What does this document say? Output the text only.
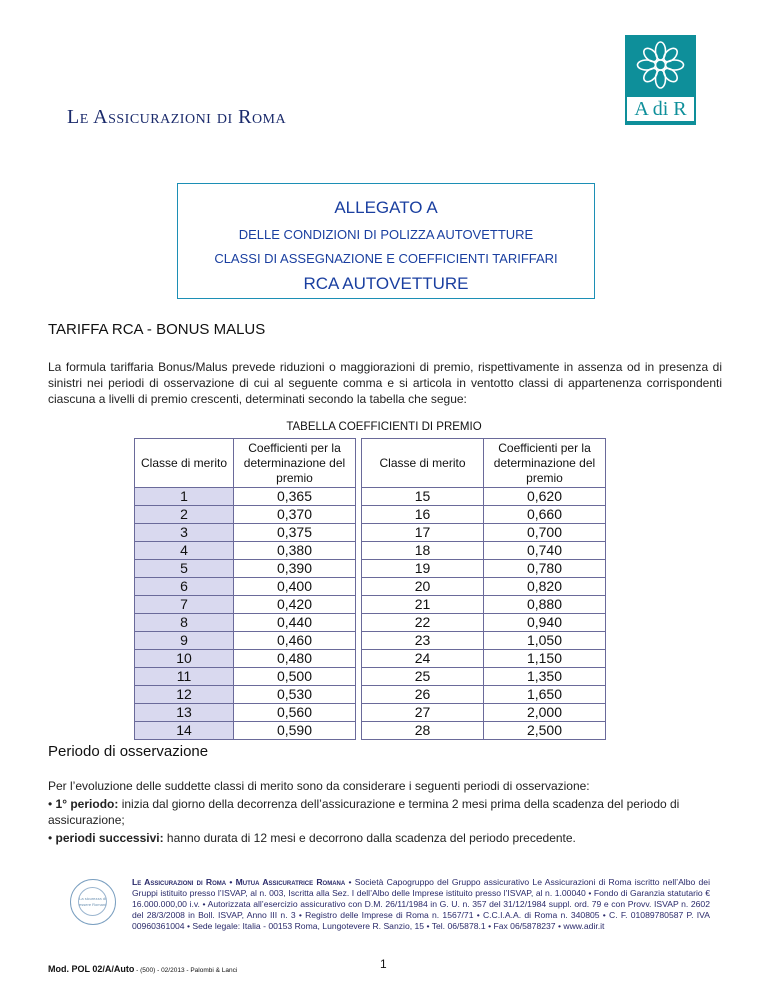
A di R
Le Assicurazioni di Roma
ALLEGATO A
DELLE CONDIZIONI DI POLIZZA AUTOVETTURE
CLASSI DI ASSEGNAZIONE E COEFFICIENTI TARIFFARI
RCA AUTOVETTURE
TARIFFA RCA - BONUS MALUS
La formula tariffaria Bonus/Malus prevede riduzioni o maggiorazioni di premio, rispettivamente in assenza od in presenza di sinistri nei periodi di osservazione di cui al seguente comma e si articola in ventotto classi di appartenenza corrispondenti ciascuna a livelli di premio crescenti, determinati secondo la tabella che segue:
TABELLA COEFFICIENTI DI PREMIO
Classe di merito	Coefficienti per la determinazione del premio		Classe di merito	Coefficienti per la determinazione del premio
1	0,365		15	0,620
2	0,370		16	0,660
3	0,375		17	0,700
4	0,380		18	0,740
5	0,390		19	0,780
6	0,400		20	0,820
7	0,420		21	0,880
8	0,440		22	0,940
9	0,460		23	1,050
10	0,480		24	1,150
11	0,500		25	1,350
12	0,530		26	1,650
13	0,560		27	2,000
14	0,590		28	2,500
Periodo di osservazione
Per l’evoluzione delle suddette classi di merito sono da considerare i seguenti periodi di osservazione:
• 1° periodo: inizia dal giorno della decorrenza dell’assicurazione e termina 2 mesi prima della scadenza del periodo di assicurazione;
• periodi successivi: hanno durata di 12 mesi e decorrono dalla scadenza del periodo precedente.
La sicurezza di essere Romani
Le Assicurazioni di Roma • Mutua Assicuratrice Romana • Società Capogruppo del Gruppo assicurativo Le Assicurazioni di Roma iscritto nell’Albo dei Gruppi istituito presso l’ISVAP, al n. 003, Iscritta alla Sez. I dell’Albo delle Imprese istituito presso l’ISVAP, al n. 1.00040 • Fondo di Garanzia statutario € 16.000.000,00 i.v. • Autorizzata all’esercizio assicurativo con D.M. 26/11/1984 in G. U. n. 357 del 31/12/1984 suppl. ord. 79 e con Provv. ISVAP n. 2602 del 28/3/2008 in Boll. ISVAP, Anno III n. 3 • Registro delle Imprese di Roma n. 1567/71 • C.C.I.A.A. di Roma n. 340805 • C. F. 01089780587 P. IVA 00960361004 • Sede legale: Italia - 00153 Roma, Lungotevere R. Sanzio, 15 • Tel. 06/5878.1 • Fax 06/5878237 • www.adir.it
Mod. POL 02/A/Auto - (500) - 02/2013 - Palombi & Lanci	1
